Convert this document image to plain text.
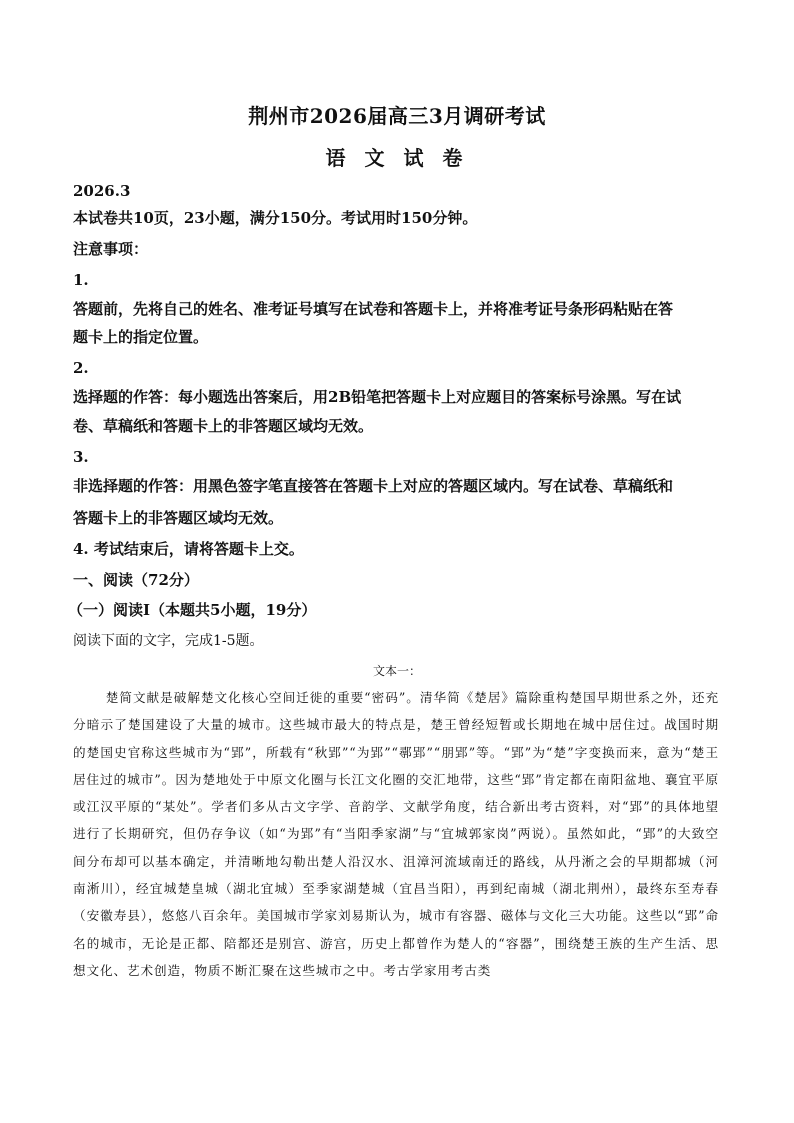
荆州市2026届高三3月调研考试
语 文 试 卷
2026.3
本试卷共10页，23小题，满分150分。考试用时150分钟。
注意事项：
1.
答题前，先将自己的姓名、准考证号填写在试卷和答题卡上，并将准考证号条形码粘贴在答
题卡上的指定位置。
2.
选择题的作答：每小题选出答案后，用2B铅笔把答题卡上对应题目的答案标号涂黑。写在试
卷、草稿纸和答题卡上的非答题区域均无效。
3.
非选择题的作答：用黑色签字笔直接答在答题卡上对应的答题区域内。写在试卷、草稿纸和
答题卡上的非答题区域均无效。
4. 考试结束后，请将答题卡上交。
一、阅读（72分）
（一）阅读Ⅰ（本题共5小题，19分）
阅读下面的文字，完成1-5题。
文本一：
楚简文献是破解楚文化核心空间迁徙的重要“密码”。清华简《楚居》篇除重构楚国早期世系之外，还充分暗示了楚国建设了大量的城市。这些城市最大的特点是，楚王曾经短暂或长期地在城中居住过。战国时期的楚国史官称这些城市为“郢”，所载有“秋郢”“为郢”“鄩郢”“朋郢”等。“郢”为“楚”字变换而来，意为“楚王居住过的城市”。因为楚地处于中原文化圈与长江文化圈的交汇地带，这些“郢”肯定都在南阳盆地、襄宜平原或江汉平原的“某处”。学者们多从古文字学、音韵学、文献学角度，结合新出考古资料，对“郢”的具体地望进行了长期研究，但仍存争议（如“为郢”有“当阳季家湖”与“宜城郭家岗”两说）。虽然如此，“郢”的大致空间分布却可以基本确定，并清晰地勾勒出楚人沿汉水、沮漳河流域南迁的路线，从丹淅之会的早期都城（河南淅川），经宜城楚皇城（湖北宜城）至季家湖楚城（宜昌当阳），再到纪南城（湖北荆州），最终东至寿春（安徽寿县），悠悠八百余年。美国城市学家刘易斯认为，城市有容器、磁体与文化三大功能。这些以“郢”命名的城市，无论是正都、陪都还是别宫、游宫，历史上都曾作为楚人的“容器”，围绕楚王族的生产生活、思想文化、艺术创造，物质不断汇聚在这些城市之中。考古学家用考古类
